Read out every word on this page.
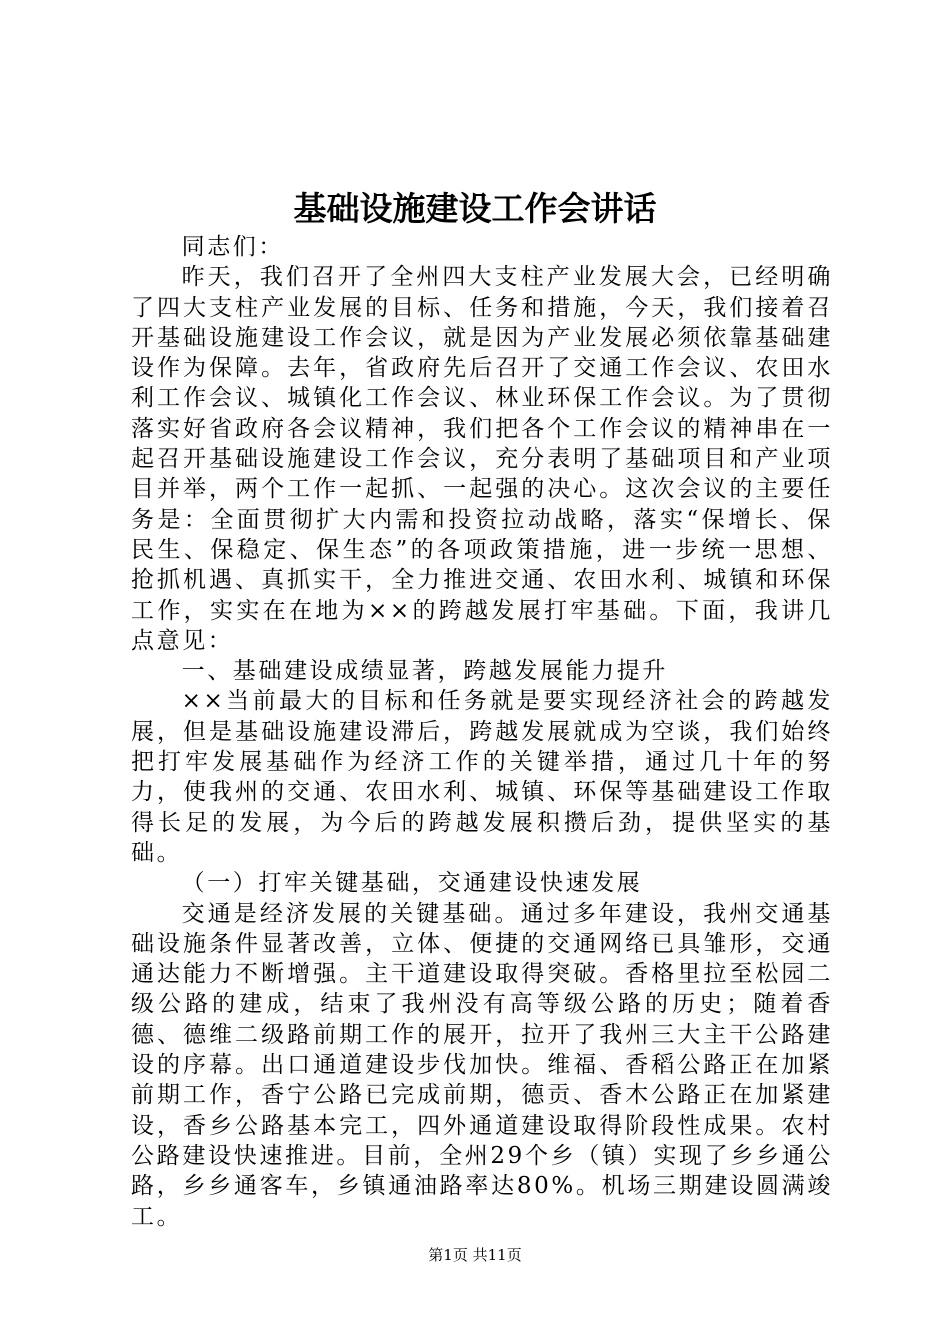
基础设施建设工作会讲话

同志们：

昨天，我们召开了全州四大支柱产业发展大会，已经明确了四大支柱产业发展的目标、任务和措施，今天，我们接着召开基础设施建设工作会议，就是因为产业发展必须依靠基础建设作为保障。去年，省政府先后召开了交通工作会议、农田水利工作会议、城镇化工作会议、林业环保工作会议。为了贯彻落实好省政府各会议精神，我们把各个工作会议的精神串在一起召开基础设施建设工作会议，充分表明了基础项目和产业项目并举，两个工作一起抓、一起强的决心。这次会议的主要任务是：全面贯彻扩大内需和投资拉动战略，落实“保增长、保民生、保稳定、保生态”的各项政策措施，进一步统一思想、抢抓机遇、真抓实干，全力推进交通、农田水利、城镇和环保工作，实实在在地为××的跨越发展打牢基础。下面，我讲几点意见：

一、基础建设成绩显著，跨越发展能力提升

××当前最大的目标和任务就是要实现经济社会的跨越发展，但是基础设施建设滞后，跨越发展就成为空谈，我们始终把打牢发展基础作为经济工作的关键举措，通过几十年的努力，使我州的交通、农田水利、城镇、环保等基础建设工作取得长足的发展，为今后的跨越发展积攒后劲，提供坚实的基础。

（一）打牢关键基础，交通建设快速发展

交通是经济发展的关键基础。通过多年建设，我州交通基础设施条件显著改善，立体、便捷的交通网络已具雏形，交通通达能力不断增强。主干道建设取得突破。香格里拉至松园二级公路的建成，结束了我州没有高等级公路的历史；随着香德、德维二级路前期工作的展开，拉开了我州三大主干公路建设的序幕。出口通道建设步伐加快。维福、香稻公路正在加紧前期工作，香宁公路已完成前期，德贡、香木公路正在加紧建设，香乡公路基本完工，四外通道建设取得阶段性成果。农村公路建设快速推进。目前，全州29个乡（镇）实现了乡乡通公路，乡乡通客车，乡镇通油路率达80%。机场三期建设圆满竣工。

第1页 共11页
